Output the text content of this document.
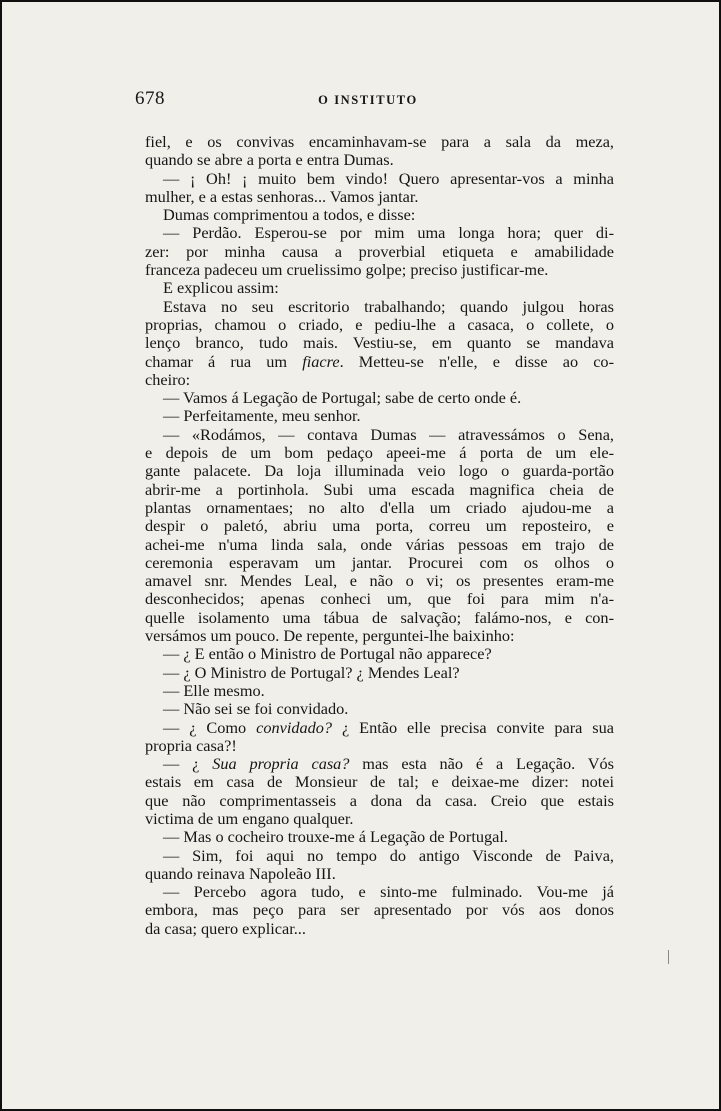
678	O INSTITUTO
fiel, e os convivas encaminhavam-se para a sala da meza,
quando se abre a porta e entra Dumas.
— ¡ Oh! ¡ muito bem vindo! Quero apresentar-vos a minha
mulher, e a estas senhoras... Vamos jantar.
Dumas comprimentou a todos, e disse:
— Perdão. Esperou-se por mim uma longa hora; quer di-
zer: por minha causa a proverbial etiqueta e amabilidade
franceza padeceu um cruelissimo golpe; preciso justificar-me.
E explicou assim:
Estava no seu escritorio trabalhando; quando julgou horas
proprias, chamou o criado, e pediu-lhe a casaca, o collete, o
lenço branco, tudo mais. Vestiu-se, em quanto se mandava
chamar á rua um fiacre. Metteu-se n'elle, e disse ao co-
cheiro:
— Vamos á Legação de Portugal; sabe de certo onde é.
— Perfeitamente, meu senhor.
— «Rodámos, — contava Dumas — atravessámos o Sena,
e depois de um bom pedaço apeei-me á porta de um ele-
gante palacete. Da loja illuminada veio logo o guarda-portão
abrir-me a portinhola. Subi uma escada magnifica cheia de
plantas ornamentaes; no alto d'ella um criado ajudou-me a
despir o paletó, abriu uma porta, correu um reposteiro, e
achei-me n'uma linda sala, onde várias pessoas em trajo de
ceremonia esperavam um jantar. Procurei com os olhos o
amavel snr. Mendes Leal, e não o vi; os presentes eram-me
desconhecidos; apenas conheci um, que foi para mim n'a-
quelle isolamento uma tábua de salvação; falámo-nos, e con-
versámos um pouco. De repente, perguntei-lhe baixinho:
— ¿ E então o Ministro de Portugal não apparece?
— ¿ O Ministro de Portugal? ¿ Mendes Leal?
— Elle mesmo.
— Não sei se foi convidado.
— ¿ Como convidado? ¿ Então elle precisa convite para sua
propria casa?!
— ¿ Sua propria casa? mas esta não é a Legação. Vós
estais em casa de Monsieur de tal; e deixae-me dizer: notei
que não comprimentasseis a dona da casa. Creio que estais
victima de um engano qualquer.
— Mas o cocheiro trouxe-me á Legação de Portugal.
— Sim, foi aqui no tempo do antigo Visconde de Paiva,
quando reinava Napoleão III.
— Percebo agora tudo, e sinto-me fulminado. Vou-me já
embora, mas peço para ser apresentado por vós aos donos
da casa; quero explicar...
